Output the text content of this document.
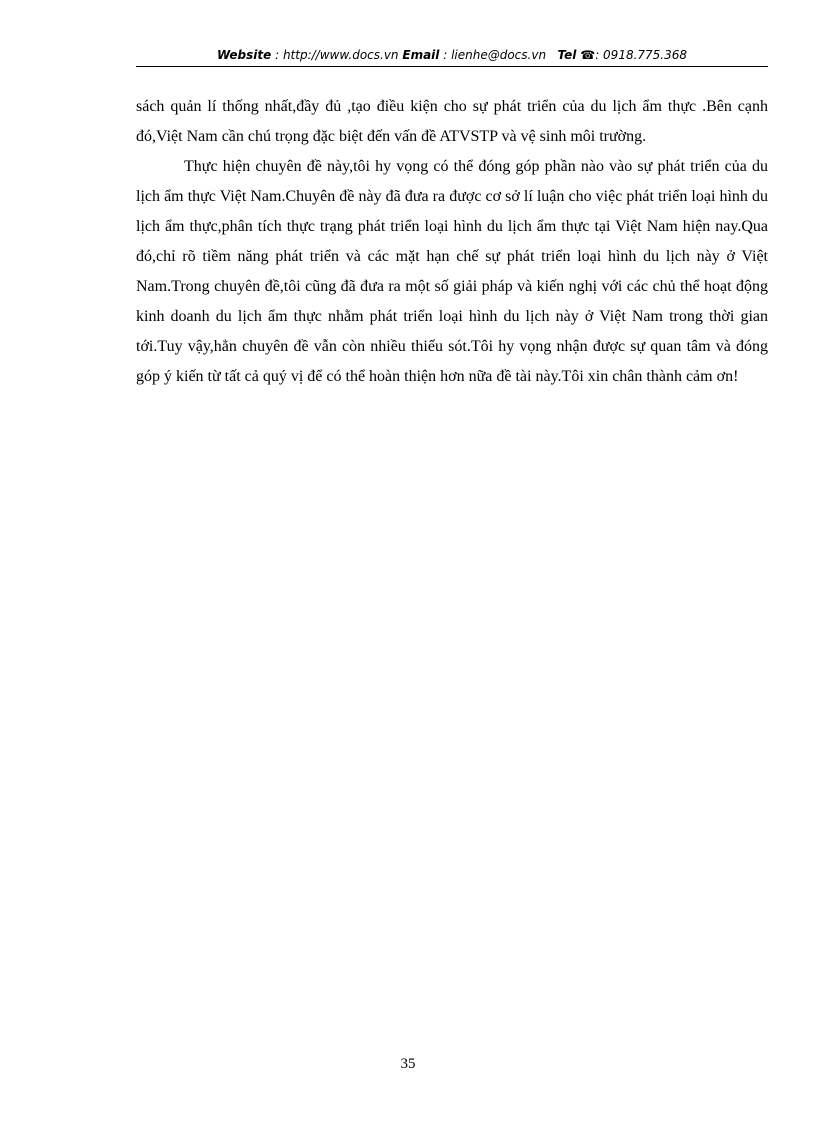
Website : http://www.docs.vn Email : lienhe@docs.vn Tel ☎: 0918.775.368

sách quản lí thống nhất,đầy đủ ,tạo điều kiện cho sự phát triển của du lịch ẩm thực .Bên cạnh đó,Việt Nam cần chú trọng đặc biệt đến vấn đề ATVSTP và vệ sinh môi trường.

Thực hiện chuyên đề này,tôi hy vọng có thể đóng góp phần nào vào sự phát triển của du lịch ẩm thực Việt Nam.Chuyên đề này đã đưa ra được cơ sở lí luận cho việc phát triển loại hình du lịch ẩm thực,phân tích thực trạng phát triển loại hình du lịch ẩm thực tại Việt Nam hiện nay.Qua đó,chỉ rõ tiềm năng phát triển và các mặt hạn chế sự phát triển loại hình du lịch này ở Việt Nam.Trong chuyên đề,tôi cũng đã đưa ra một số giải pháp và kiến nghị với các chủ thể hoạt động kinh doanh du lịch ẩm thực nhằm phát triển loại hình du lịch này ở Việt Nam trong thời gian tới.Tuy vậy,hẳn chuyên đề vẫn còn nhiều thiếu sót.Tôi hy vọng nhận được sự quan tâm và đóng góp ý kiến từ tất cả quý vị để có thể hoàn thiện hơn nữa đề tài này.Tôi xin chân thành cảm ơn!

35
